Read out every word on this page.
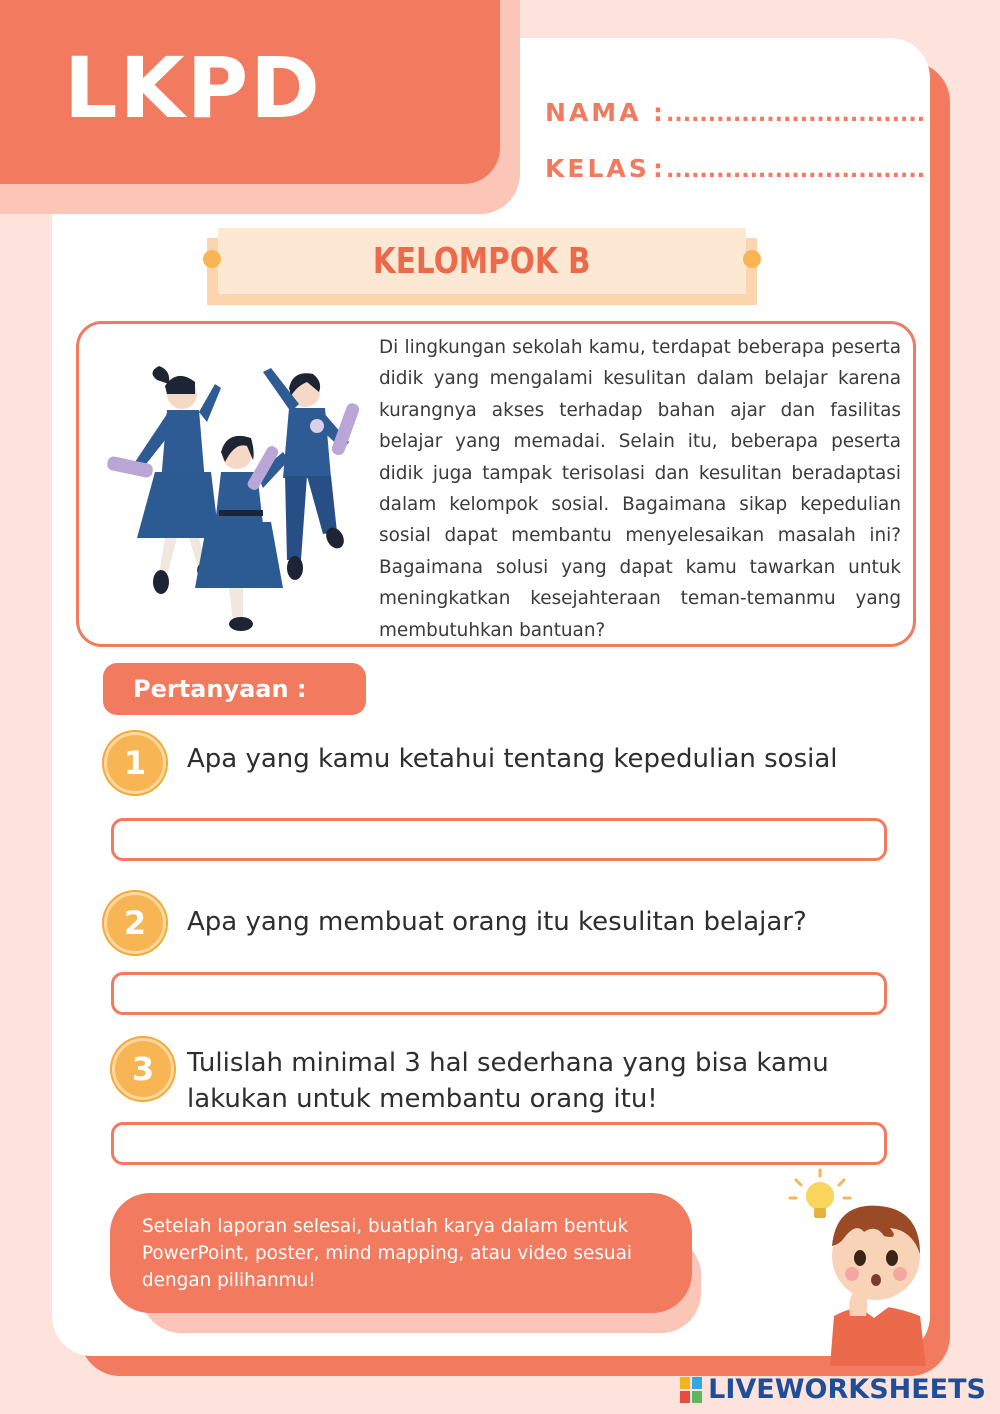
LKPD	NAMA : ...............................
KELAS : ...............................
KELOMPOK B

Di lingkungan sekolah kamu, terdapat beberapa peserta didik yang mengalami kesulitan dalam belajar karena kurangnya akses terhadap bahan ajar dan fasilitas belajar yang memadai. Selain itu, beberapa peserta didik juga tampak terisolasi dan kesulitan beradaptasi dalam kelompok sosial. Bagaimana sikap kepedulian sosial dapat membantu menyelesaikan masalah ini? Bagaimana solusi yang dapat kamu tawarkan untuk meningkatkan kesejahteraan teman-temanmu yang membutuhkan bantuan?

Pertanyaan :
1	Apa yang kamu ketahui tentang kepedulian sosial
2	Apa yang membuat orang itu kesulitan belajar?
3	Tulislah minimal 3 hal sederhana yang bisa kamu lakukan untuk membantu orang itu!
Setelah laporan selesai, buatlah karya dalam bentuk PowerPoint, poster, mind mapping, atau video sesuai dengan pilihanmu!
LIVEWORKSHEETS
